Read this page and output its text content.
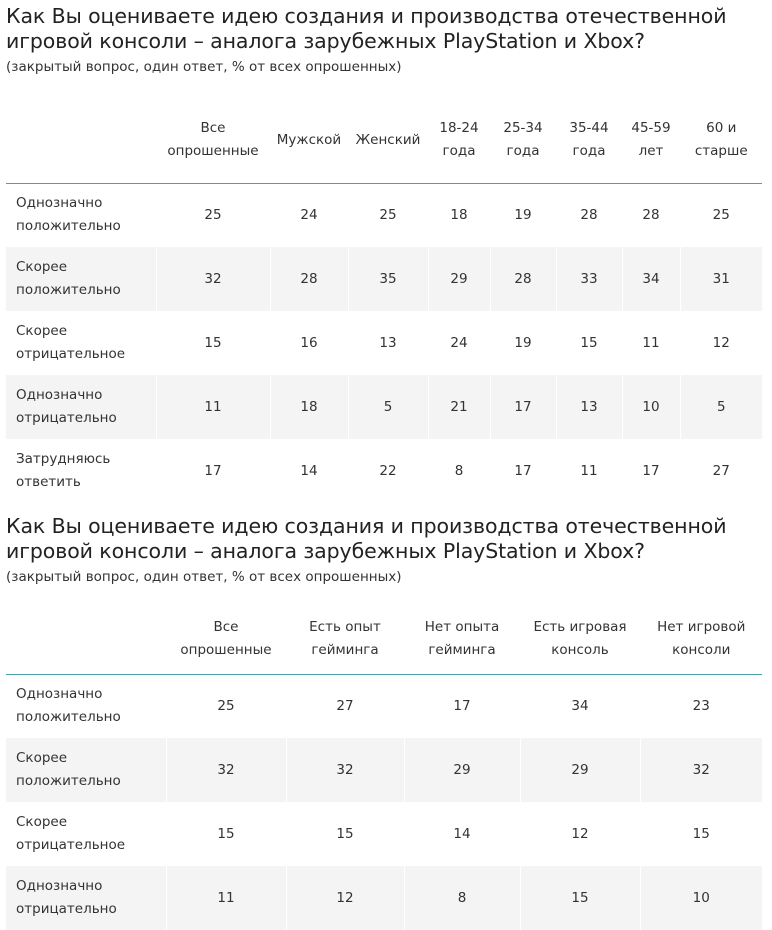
Как Вы оцениваете идею создания и производства отечественной игровой консоли – аналога зарубежных PlayStation и Xbox?

(закрытый вопрос, один ответ, % от всех опрошенных)

	Все опрошенные	Мужской	Женский	18-24 года	25-34 года	35-44 года	45-59 лет	60 и старше
Однозначно положительно	25	24	25	18	19	28	28	25
Скорее положительно	32	28	35	29	28	33	34	31
Скорее отрицательное	15	16	13	24	19	15	11	12
Однозначно отрицательно	11	18	5	21	17	13	10	5
Затрудняюсь ответить	17	14	22	8	17	11	17	27
Как Вы оцениваете идею создания и производства отечественной игровой консоли – аналога зарубежных PlayStation и Xbox?

(закрытый вопрос, один ответ, % от всех опрошенных)

	Все опрошенные	Есть опыт гейминга	Нет опыта гейминга	Есть игровая консоль	Нет игровой консоли
Однозначно положительно	25	27	17	34	23
Скорее положительно	32	32	29	29	32
Скорее отрицательное	15	15	14	12	15
Однозначно отрицательно	11	12	8	15	10
